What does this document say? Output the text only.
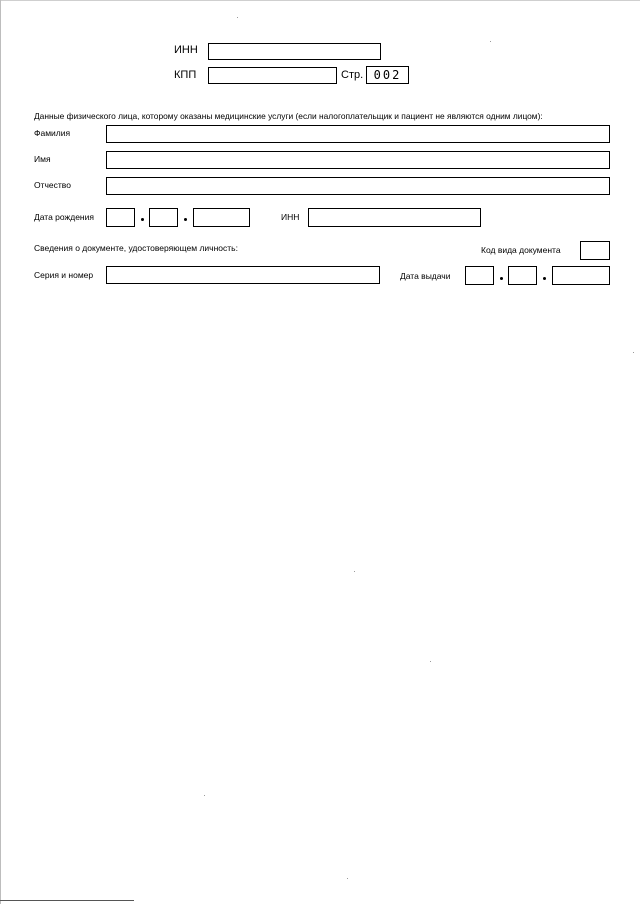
ИНН
КПП	Стр. 002
Данные физического лица, которому оказаны медицинские услуги (если налогоплательщик и пациент не являются одним лицом):
Фамилия
Имя
Отчество
Дата рождения	ИНН
Сведения о документе, удостоверяющем личность:	Код вида документа
Серия и номер	Дата выдачи
